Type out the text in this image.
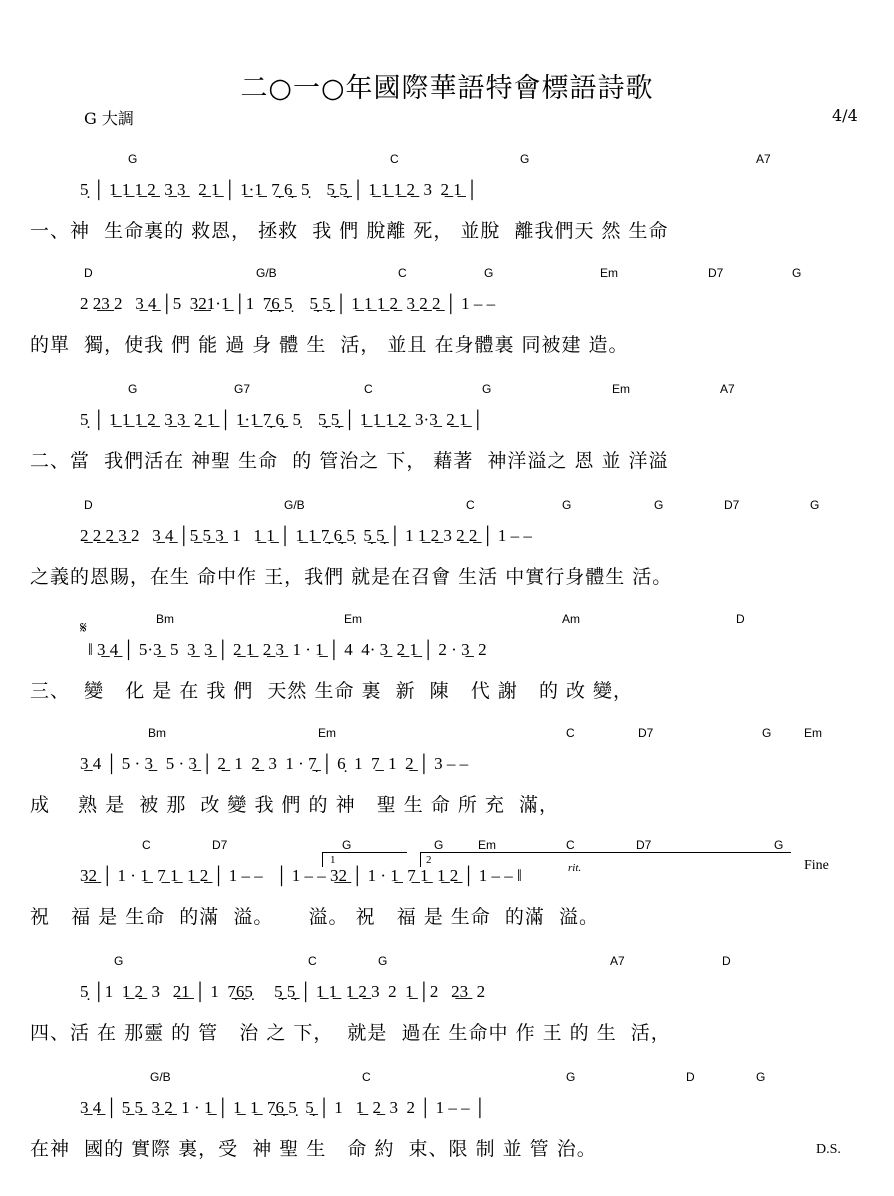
二○一○年國際華語特會標語詩歌
G 大調	4/4
G	C	G	A7
5̣ │ 1̲ 1̲ 1̲ 2̲  3̲ 3̲   2̲ 1̲ │ 1̲·1̲  7̣̲ 6̣̲  5̣    5̣̲ 5̣̲ │ 1̲ 1̲ 1̲ 2̲  3  2̲ 1̲ │
一、神  生命裏的 救恩， 拯救  我 們 脫離 死， 並脫  離我們天 然 生命
D	G/B	C	G	Em	D7	G
2 2̲3̲ 2   3̲ 4̲ │5  3̲2̲1·1̲ │1  7̣̲6̣̲ 5̣    5̣̲ 5̣̲ │ 1̲ 1̲ 1̲ 2̲  3̲ 2̲ 2̲ │ 1 – –
的單  獨，使我 們 能 過 身 體 生  活， 並且 在身體裏 同被建 造。
G	G7	C	G	Em	A7
5̣ │ 1̲ 1̲ 1̲ 2̲  3̲ 3̲  2̲ 1̲ │ 1̲·1̲ 7̣̲ 6̣̲  5̣    5̣̲ 5̣̲ │ 1̲ 1̲ 1̲ 2̲  3·3̲  2̲ 1̲ │
二、當  我們活在 神聖 生命  的 管治之 下， 藉著  神洋溢之 恩 並 洋溢
D	G/B	C	G	G	D7	G
2̲ 2̲ 2̲ 3̲ 2   3̲ 4̲ │5̲ 5̲ 3̲  1   1̲ 1̲ │ 1̲ 1̲ 7̣̲ 6̣̲ 5̣  5̣̲ 5̣̲ │ 1 1̲ 2̲ 3 2̲ 2̲ │ 1 – –
之義的恩賜，在生 命中作 王，我們 就是在召會 生活 中實行身體生 活。
Bm	Em	Am	D
‖ 3̲ 4̲ │ 5·3̲  5  3̲  3̲ │ 2̲ 1̲  2̲ 3̲  1 · 1̲ │ 4  4· 3̲  2̲ 1̲ │ 2 · 3̲  2
三、  變   化 是 在 我 們  天然 生命 裏  新  陳   代 謝   的 改 變，
𝄋
Bm	Em	C	D7	G	Em
3̲ 4 │ 5 · 3̲   5 · 3̲ │ 2̲  1  2̲  3  1 · 7̣̲ │ 6̣  1  7̲  1  2̲ │ 3 – –
成    熟 是  被 那  改 變 我 們 的 神   聖 生 命 所 充  滿，
C	D7	G	G	Em	C	D7	G
3̲2̲ │ 1 · 1̲  7̲ 1̲  1̲ 2̲ │ 1 – –   │ 1 – – 3̲2̲ │ 1 · 1̲  7̲ 1̲  1̲ 2̲ │ 1 – – ‖
祝   福 是 生命  的滿  溢。     溢。 祝   福 是 生命  的滿  溢。
Fine
rit.
1	2
G	C	G	A7	D
5̣ │1  1̲ 2̲  3   2̲1̲ │ 1  7̣̲6̣̲5̣     5̣̲ 5̣̲ │ 1̲ 1̲  1̲ 2̲ 3  2  1̲ │2   2̲3̲  2
四、活 在 那靈 的 管   治 之 下，  就是  過在 生命中 作 王 的 生  活，
G/B	C	G	D	G
3̲ 4̲ │ 5̲ 5̲  3̲ 2̲  1 · 1̲ │ 1̲  1̲  7̣̲6̣̲ 5̣  5̣̲ │ 1   1̲  2̲  3  2 │ 1 – – │
在神  國的 實際 裏，受  神 聖 生   命 約  束、限 制 並 管 治。	D.S.
